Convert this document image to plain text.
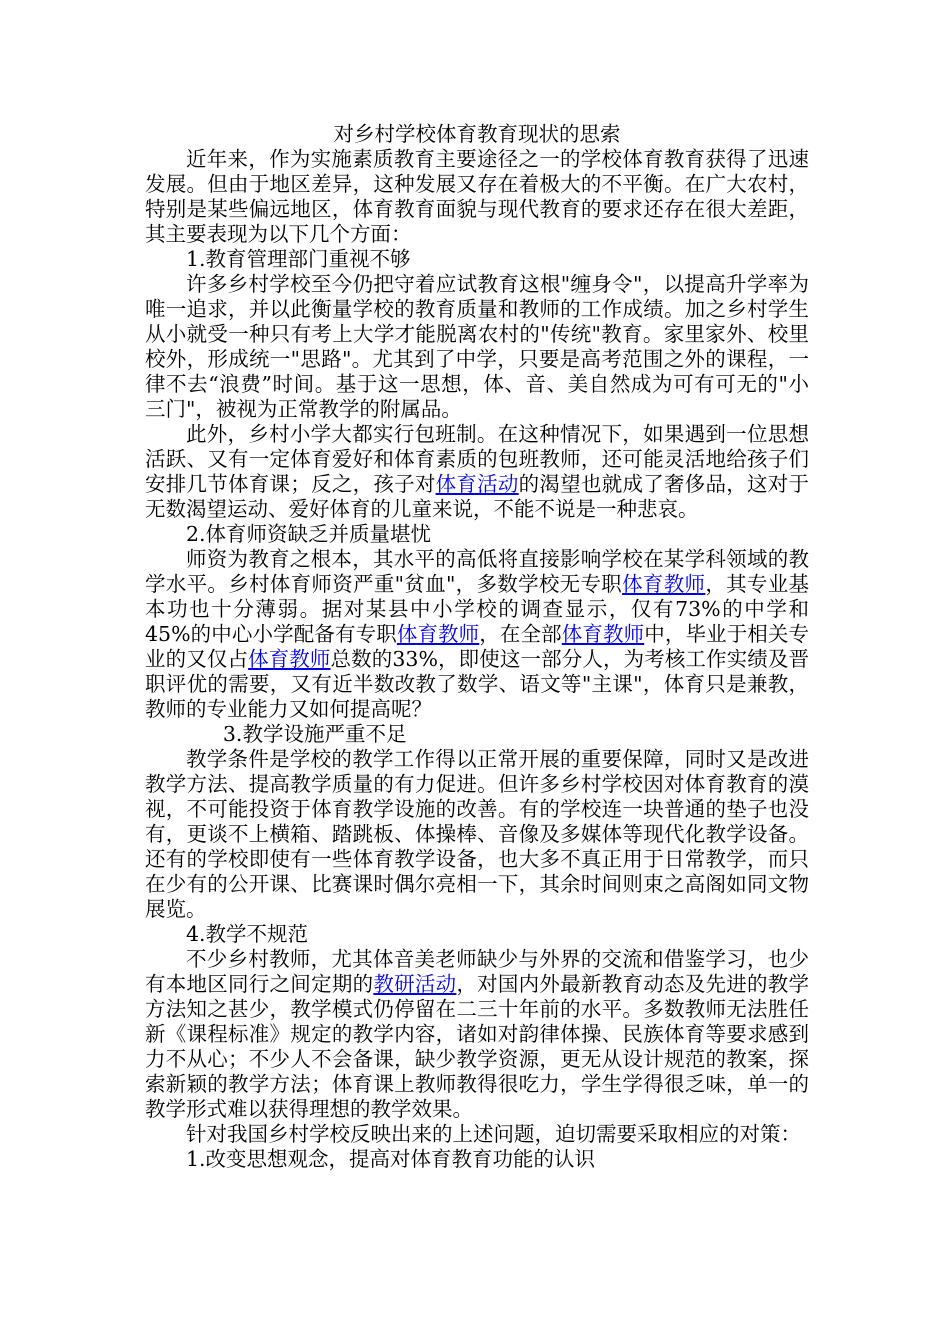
对乡村学校体育教育现状的思索

近年来，作为实施素质教育主要途径之一的学校体育教育获得了迅速发展。但由于地区差异，这种发展又存在着极大的不平衡。在广大农村，特别是某些偏远地区，体育教育面貌与现代教育的要求还存在很大差距，其主要表现为以下几个方面：

1.教育管理部门重视不够

许多乡村学校至今仍把守着应试教育这根"缠身令"，以提高升学率为唯一追求，并以此衡量学校的教育质量和教师的工作成绩。加之乡村学生从小就受一种只有考上大学才能脱离农村的"传统"教育。家里家外、校里校外，形成统一"思路"。尤其到了中学，只要是高考范围之外的课程，一律不去“浪费”时间。基于这一思想，体、音、美自然成为可有可无的"小三门"，被视为正常教学的附属品。

此外，乡村小学大都实行包班制。在这种情况下，如果遇到一位思想活跃、又有一定体育爱好和体育素质的包班教师，还可能灵活地给孩子们安排几节体育课；反之，孩子对体育活动的渴望也就成了奢侈品，这对于无数渴望运动、爱好体育的儿童来说，不能不说是一种悲哀。

2.体育师资缺乏并质量堪忧

师资为教育之根本，其水平的高低将直接影响学校在某学科领域的教学水平。乡村体育师资严重"贫血"，多数学校无专职体育教师，其专业基本功也十分薄弱。据对某县中小学校的调查显示，仅有73%的中学和45%的中心小学配备有专职体育教师，在全部体育教师中，毕业于相关专业的又仅占体育教师总数的33%，即使这一部分人，为考核工作实绩及晋职评优的需要，又有近半数改教了数学、语文等"主课"，体育只是兼教，教师的专业能力又如何提高呢？

3.教学设施严重不足

教学条件是学校的教学工作得以正常开展的重要保障，同时又是改进教学方法、提高教学质量的有力促进。但许多乡村学校因对体育教育的漠视，不可能投资于体育教学设施的改善。有的学校连一块普通的垫子也没有，更谈不上横箱、踏跳板、体操棒、音像及多媒体等现代化教学设备。还有的学校即使有一些体育教学设备，也大多不真正用于日常教学，而只在少有的公开课、比赛课时偶尔亮相一下，其余时间则束之高阁如同文物展览。

4.教学不规范

不少乡村教师，尤其体音美老师缺少与外界的交流和借鉴学习，也少有本地区同行之间定期的教研活动，对国内外最新教育动态及先进的教学方法知之甚少，教学模式仍停留在二三十年前的水平。多数教师无法胜任新《课程标准》规定的教学内容，诸如对韵律体操、民族体育等要求感到力不从心；不少人不会备课，缺少教学资源，更无从设计规范的教案，探索新颖的教学方法；体育课上教师教得很吃力，学生学得很乏味，单一的教学形式难以获得理想的教学效果。

针对我国乡村学校反映出来的上述问题，迫切需要采取相应的对策：

1.改变思想观念，提高对体育教育功能的认识
